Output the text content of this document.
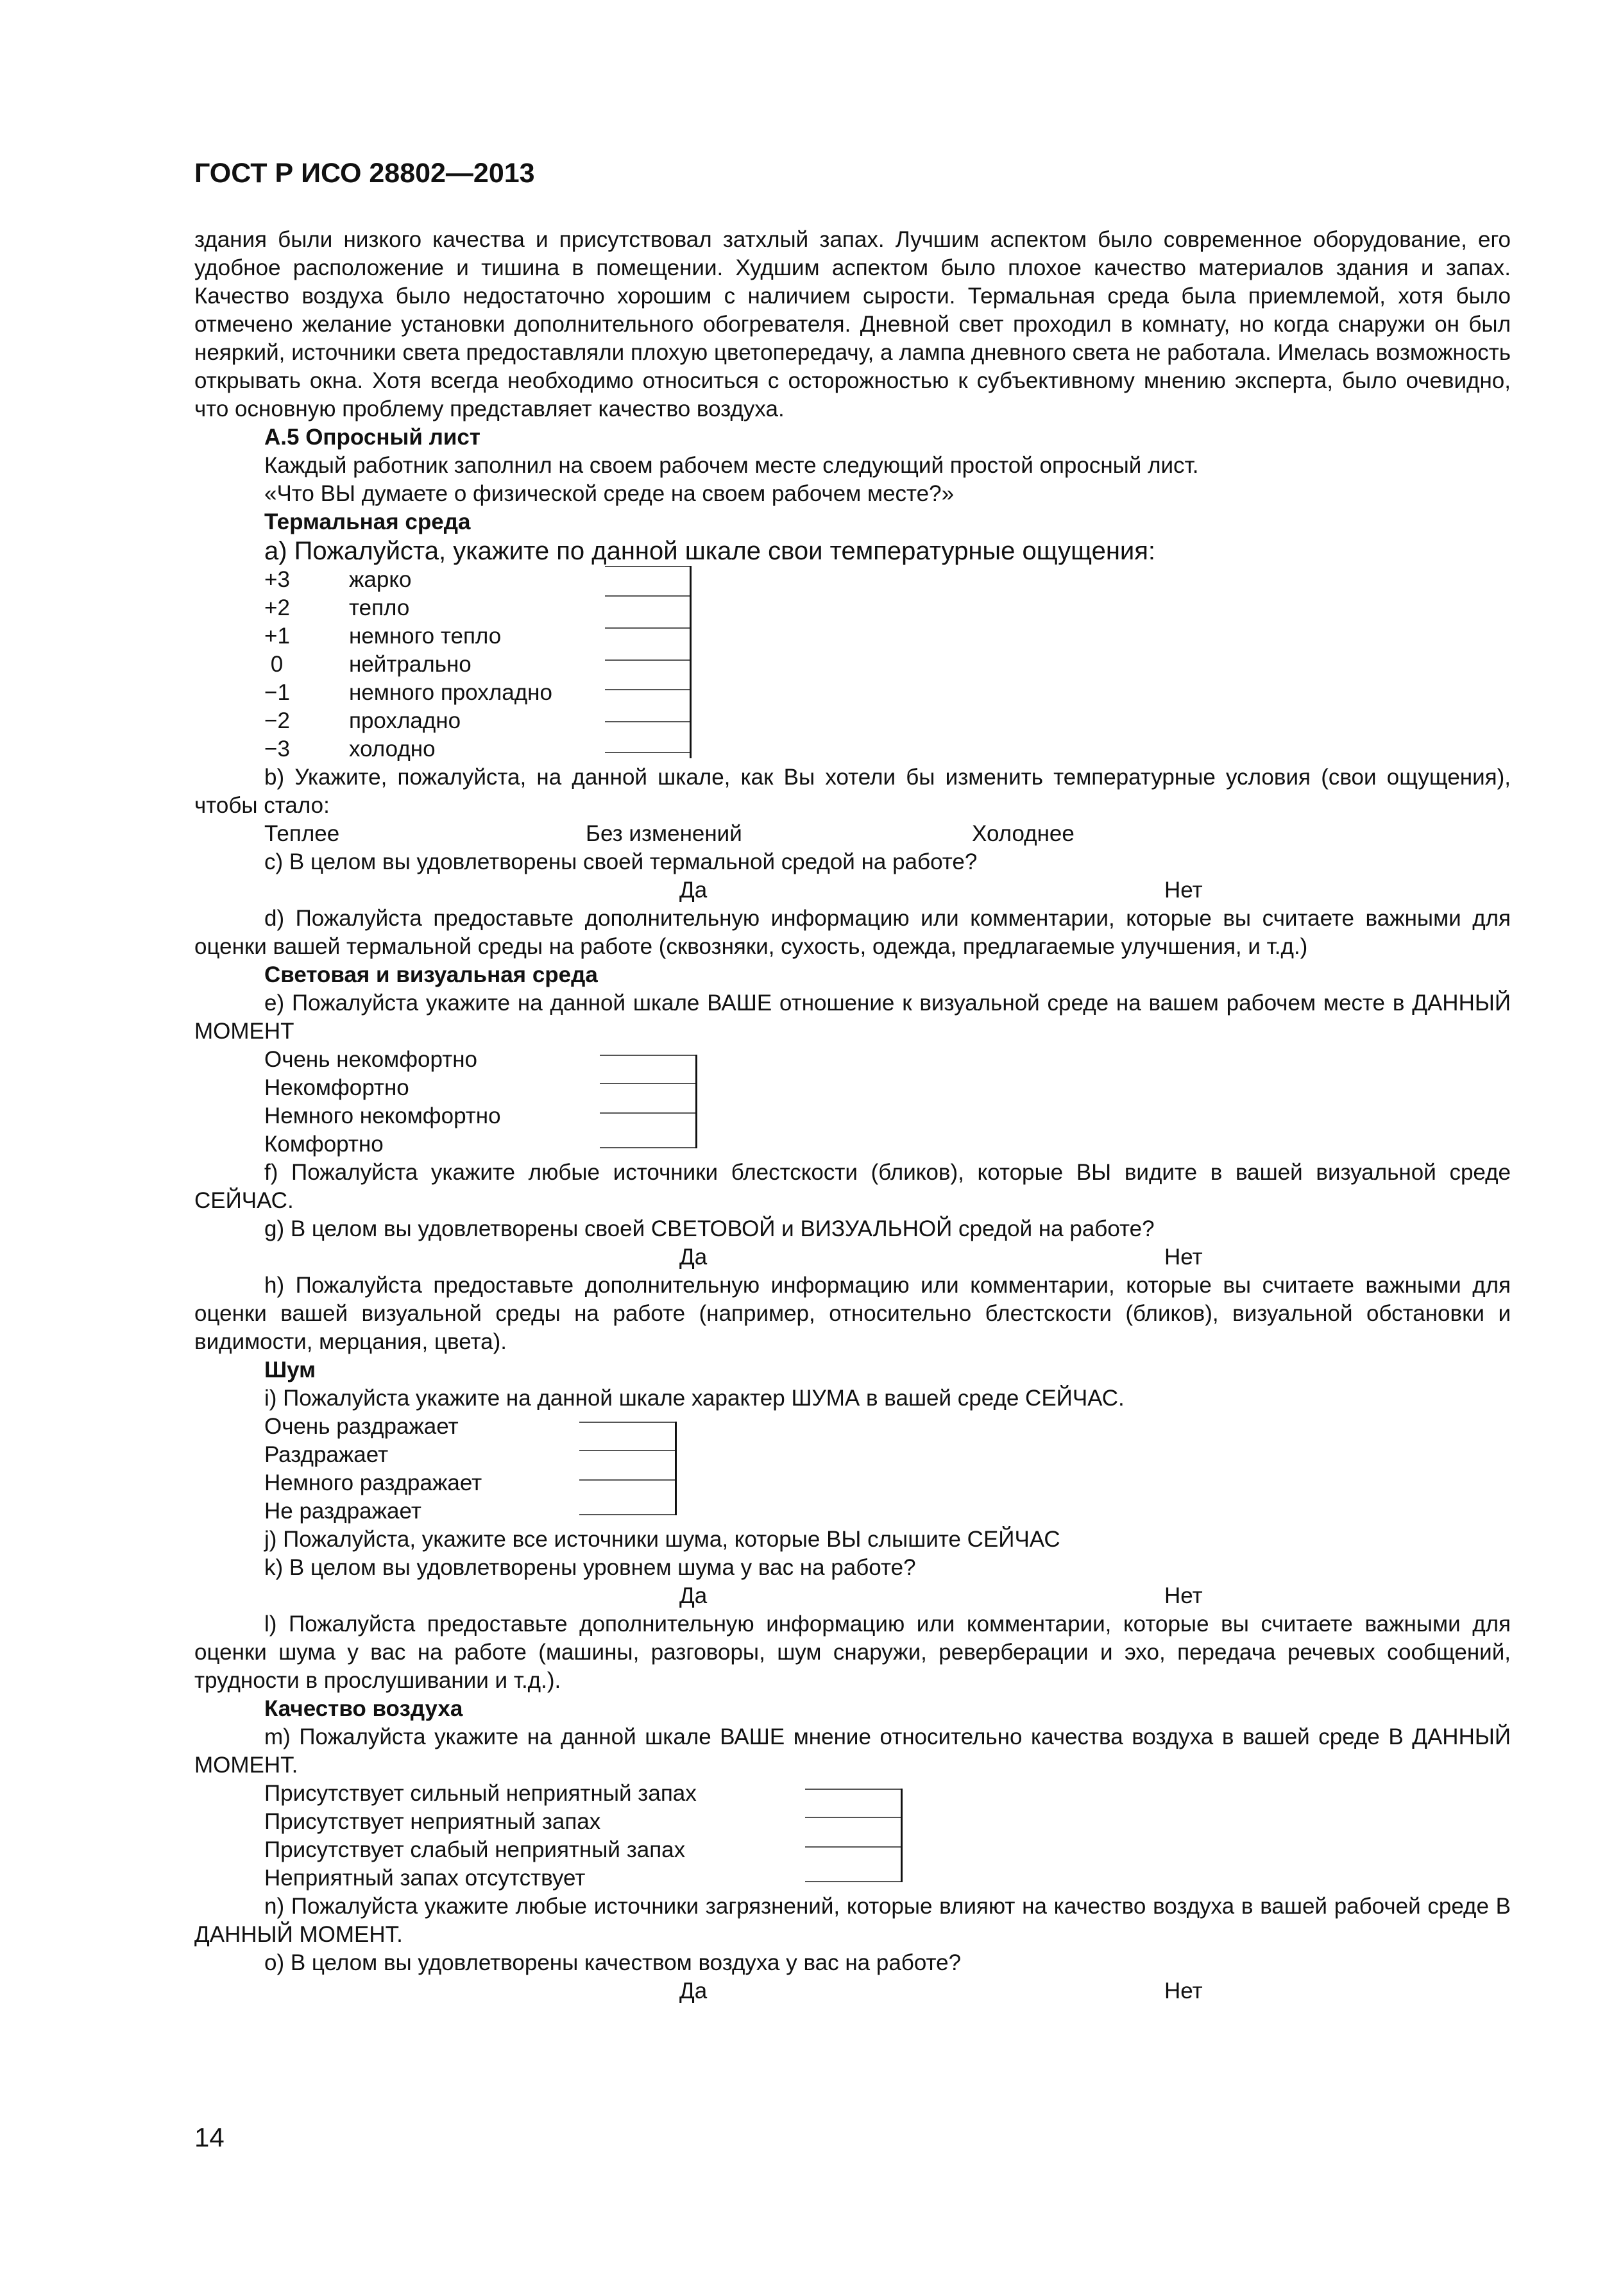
ГОСТ Р ИСО 28802—2013

здания были низкого качества и присутствовал затхлый запах. Лучшим аспектом было современное оборудование, его удобное расположение и тишина в помещении. Худшим аспектом было плохое качество материалов здания и запах. Качество воздуха было недостаточно хорошим с наличием сырости. Термальная среда была приемлемой, хотя было отмечено желание установки дополнительного обогревателя. Дневной свет проходил в комнату, но когда снаружи он был неяркий, источники света предоставляли плохую цветопередачу, а лампа дневного света не работала. Имелась возможность открывать окна. Хотя всегда необходимо относиться с осторожностью к субъективному мнению эксперта, было очевидно, что основную проблему представляет качество воздуха.

А.5 Опросный лист

Каждый работник заполнил на своем рабочем месте следующий простой опросный лист.

«Что ВЫ думаете о физической среде на своем рабочем месте?»

Термальная среда

a) Пожалуйста, укажите по данной шкале свои температурные ощущения:

+3	жарко
+2	тепло
+1	немного тепло
0	нейтрально
−1	немного прохладно
−2	прохладно
−3	холодно

b) Укажите, пожалуйста, на данной шкале, как Вы хотели бы изменить температурные условия (свои ощущения), чтобы стало:

Теплее	Без изменений	Холоднее

c) В целом вы удовлетворены своей термальной средой на работе?

Да	Нет

d) Пожалуйста предоставьте дополнительную информацию или комментарии, которые вы считаете важными для оценки вашей термальной среды на работе (сквозняки, сухость, одежда, предлагаемые улучшения, и т.д.)

Световая и визуальная среда

e) Пожалуйста укажите на данной шкале ВАШЕ отношение к визуальной среде на вашем рабочем месте в ДАННЫЙ МОМЕНТ

Очень некомфортно
Некомфортно
Немного некомфортно
Комфортно

f) Пожалуйста укажите любые источники блестскости (бликов), которые ВЫ видите в вашей визуальной среде СЕЙЧАС.

g) В целом вы удовлетворены своей СВЕТОВОЙ и ВИЗУАЛЬНОЙ средой на работе?

Да	Нет

h) Пожалуйста предоставьте дополнительную информацию или комментарии, которые вы считаете важными для оценки вашей визуальной среды на работе (например, относительно блестскости (бликов), визуальной обстановки и видимости, мерцания, цвета).

Шум

i) Пожалуйста укажите на данной шкале характер ШУМА в вашей среде СЕЙЧАС.

Очень раздражает
Раздражает
Немного раздражает
Не раздражает

j) Пожалуйста, укажите все источники шума, которые ВЫ слышите СЕЙЧАС

k) В целом вы удовлетворены уровнем шума у вас на работе?

Да	Нет

l) Пожалуйста предоставьте дополнительную информацию или комментарии, которые вы считаете важными для оценки шума у вас на работе (машины, разговоры, шум снаружи, реверберации и эхо, передача речевых сообщений, трудности в прослушивании и т.д.).

Качество воздуха

m) Пожалуйста укажите на данной шкале ВАШЕ мнение относительно качества воздуха в вашей среде В ДАННЫЙ МОМЕНТ.

Присутствует сильный неприятный запах
Присутствует неприятный запах
Присутствует слабый неприятный запах
Неприятный запах отсутствует

n) Пожалуйста укажите любые источники загрязнений, которые влияют на качество воздуха в вашей рабочей среде В ДАННЫЙ МОМЕНТ.

o) В целом вы удовлетворены качеством воздуха у вас на работе?

Да	Нет
14
